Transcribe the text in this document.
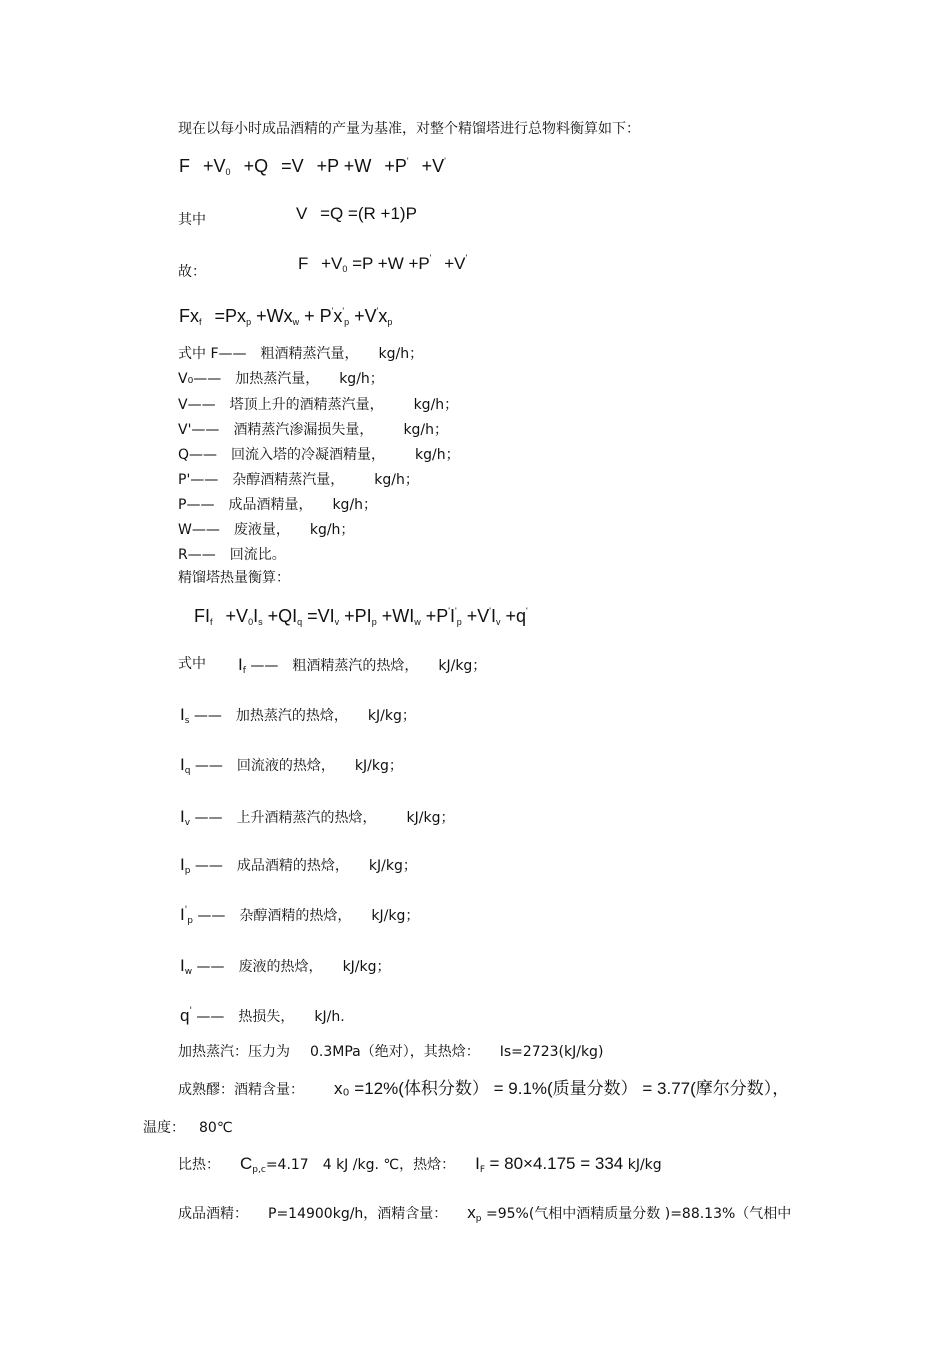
现在以每小时成品酒精的产量为基准，对整个精馏塔进行总物料衡算如下：
$F +V_0 +Q =V +P +W +P' +V'$
其中	V =Q =(R +1)P
故：	$F +V_0 =P +W +P' +V'$
$Fx_f =Px_p +Wx_w + P'x'_p +V'x_p$
式中 F—— 粗酒精蒸汽量， kg/h；
V₀—— 加热蒸汽量， kg/h；
V—— 塔顶上升的酒精蒸汽量， kg/h；
V'—— 酒精蒸汽渗漏损失量， kg/h；
Q—— 回流入塔的冷凝酒精量， kg/h；
P'—— 杂醇酒精蒸汽量， kg/h；
P—— 成品酒精量， kg/h；
W—— 废液量， kg/h；
R—— 回流比。
精馏塔热量衡算：
$FI_f +V_0I_s +QI_q =VI_v +PI_p +WI_w +P'I'_p +V'I_v +q'$
式中 $I_f$ —— 粗酒精蒸汽的热焓， kJ/kg；
$I_s$ —— 加热蒸汽的热焓， kJ/kg；
$I_q$ —— 回流液的热焓， kJ/kg；
$I_v$ —— 上升酒精蒸汽的热焓， kJ/kg；
$I_p$ —— 成品酒精的热焓， kJ/kg；
$I'_p$ —— 杂醇酒精的热焓， kJ/kg；
$I_w$ —— 废液的热焓， kJ/kg；
q' —— 热损失， kJ/h.
加热蒸汽：压力为 0.3MPa（绝对），其热焓： Is=2723(kJ/kg)
成熟醪：酒精含量： x₀ =12%(体积分数） = 9.1%(质量分数） = 3.77(摩尔分数），
温度： 80℃
比热： $C_{p,c}=4.17$ 4 kJ /kg. ℃，热焓： $I_F = 80\times 4.175 = 334$ kJ/kg
成品酒精： P=14900kg/h，酒精含量： $x_p =95\%$(气相中酒精质量分数 )=88.13%（气相中
